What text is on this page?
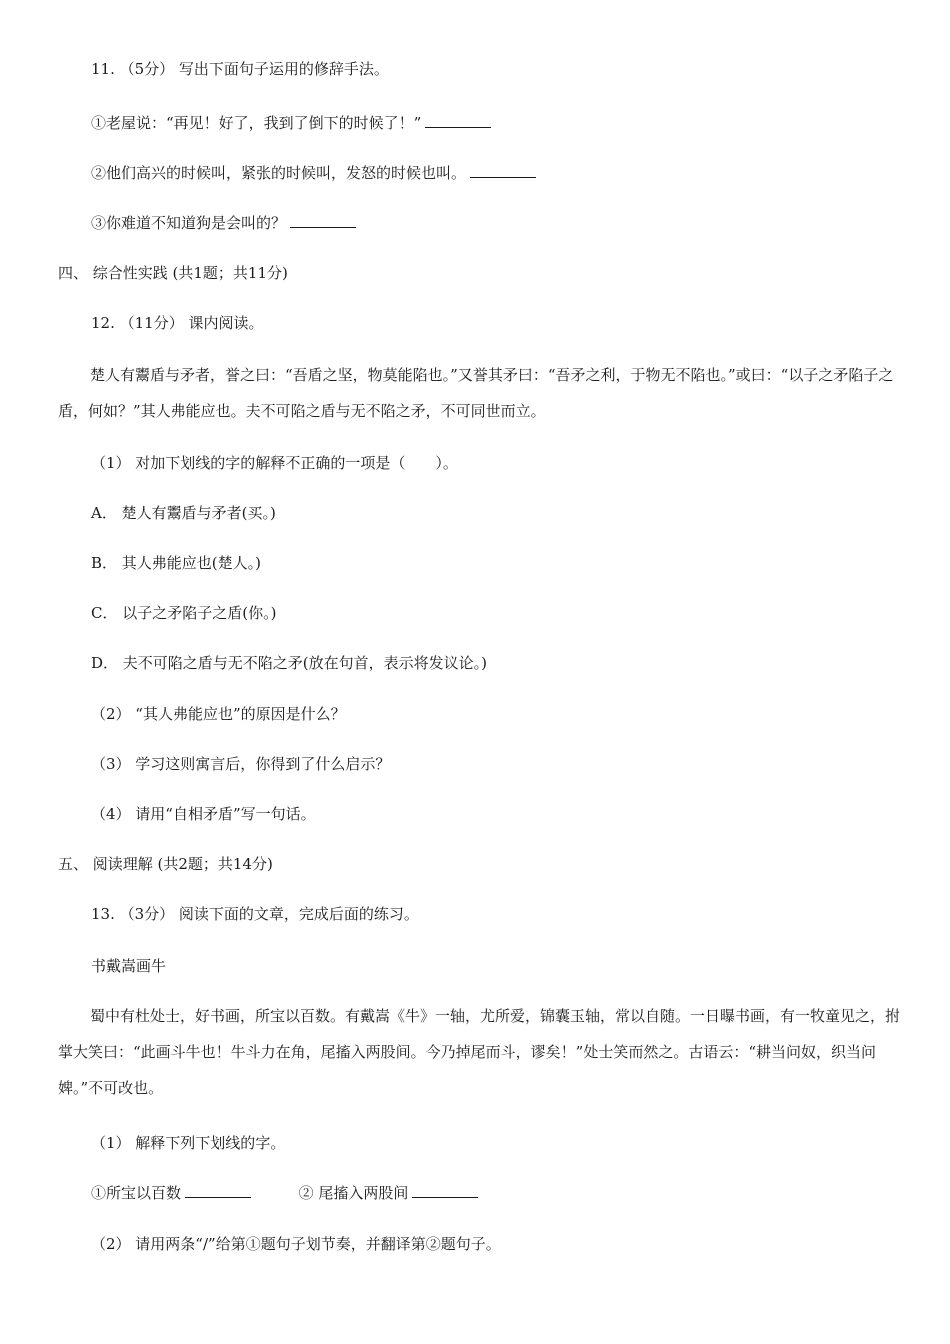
11. （5分） 写出下面句子运用的修辞手法。
①老屋说：“再见！好了，我到了倒下的时候了！”
②他们高兴的时候叫，紧张的时候叫，发怒的时候也叫。
③你难道不知道狗是会叫的？
四、 综合性实践 (共1题；共11分)
12. （11分） 课内阅读。
楚人有鬻盾与矛者，誉之曰：“吾盾之坚，物莫能陷也。”又誉其矛曰：“吾矛之利，于物无不陷也。”或曰：“以子之矛陷子之盾，何如？”其人弗能应也。夫不可陷之盾与无不陷之矛，不可同世而立。
（1） 对加下划线的字的解释不正确的一项是（　　）。
A． 楚人有鬻盾与矛者(买。)
B． 其人弗能应也(楚人。)
C． 以子之矛陷子之盾(你。)
D． 夫不可陷之盾与无不陷之矛(放在句首，表示将发议论。)
（2） “其人弗能应也”的原因是什么？
（3） 学习这则寓言后，你得到了什么启示？
（4） 请用“自相矛盾”写一句话。
五、 阅读理解 (共2题；共14分)
13. （3分） 阅读下面的文章，完成后面的练习。
书戴嵩画牛
蜀中有杜处士，好书画，所宝以百数。有戴嵩《牛》一轴，尤所爱，锦囊玉轴，常以自随。一日曝书画，有一牧童见之，拊掌大笑曰：“此画斗牛也！牛斗力在角，尾搐入两股间。今乃掉尾而斗，谬矣！”处士笑而然之。古语云：“耕当问奴，织当问婢。”不可改也。
（1） 解释下列下划线的字。
①所宝以百数	② 尾搐入两股间
（2） 请用两条“/”给第①题句子划节奏，并翻译第②题句子。
